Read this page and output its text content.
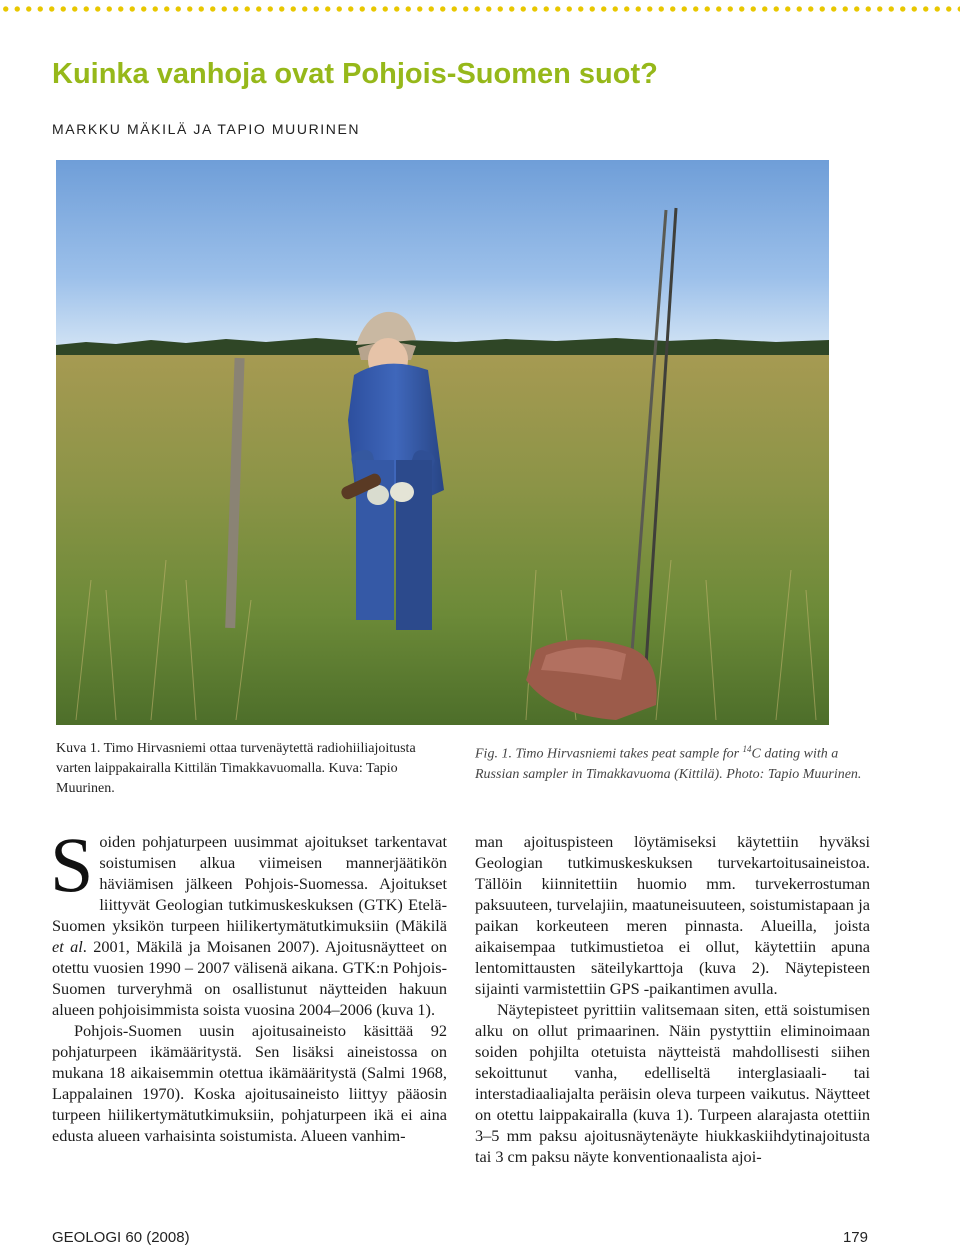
Kuinka vanhoja ovat Pohjois-Suomen suot?
MARKKU MÄKILÄ JA TAPIO MUURINEN
Kuva 1. Timo Hirvasniemi ottaa turvenäytettä radiohiiliajoitusta varten laippakairalla Kittilän Timakkavuomalla. Kuva: Tapio Muurinen.
Fig. 1. Timo Hirvasniemi takes peat sample for $^{14}$C dating with a Russian sampler in Timakkavuoma (Kittilä). Photo: Tapio Muurinen.

Soiden pohjaturpeen uusimmat ajoitukset tarkentavat soistumisen alkua viimeisen mannerjäätikön häviämisen jälkeen Pohjois-Suomessa. Ajoitukset liittyvät Geologian tutkimuskeskuksen (GTK) Etelä-Suomen yksikön turpeen hiilikertymätutkimuksiin (Mäkilä et al. 2001, Mäkilä ja Moisanen 2007). Ajoitusnäytteet on otettu vuosien 1990 – 2007 välisenä aikana. GTK:n Pohjois-Suomen turveryhmä on osallistunut näytteiden hakuun alueen pohjoisimmista soista vuosina 2004–2006 (kuva 1).

Pohjois-Suomen uusin ajoitusaineisto käsittää 92 pohjaturpeen ikämääritystä. Sen lisäksi aineistossa on mukana 18 aikaisemmin otettua ikämääritystä (Salmi 1968, Lappalainen 1970). Koska ajoitusaineisto liittyy pääosin turpeen hiilikertymätutkimuksiin, pohjaturpeen ikä ei aina edusta alueen varhaisinta soistumista. Alueen vanhim-

man ajoituspisteen löytämiseksi käytettiin hyväksi Geologian tutkimuskeskuksen turvekartoitusaineistoa. Tällöin kiinnitettiin huomio mm. turvekerrostuman paksuuteen, turvelajiin, maatuneisuuteen, soistumistapaan ja paikan korkeuteen meren pinnasta. Alueilla, joista aikaisempaa tutkimustietoa ei ollut, käytettiin apuna lentomittausten säteilykarttoja (kuva 2). Näytepisteen sijainti varmistettiin GPS -paikantimen avulla.

Näytepisteet pyrittiin valitsemaan siten, että soistumisen alku on ollut primaarinen. Näin pystyttiin eliminoimaan soiden pohjilta otetuista näytteistä mahdollisesti siihen sekoittunut vanha, edelliseltä interglasiaali- tai interstadiaaliajalta peräisin oleva turpeen vaikutus. Näytteet on otettu laippakairalla (kuva 1). Turpeen alarajasta otettiin 3–5 mm paksu ajoitusnäytenäyte hiukkaskiihdytinajoitusta tai 3 cm paksu näyte konventionaalista ajoi-

GEOLOGI 60 (2008)	179
